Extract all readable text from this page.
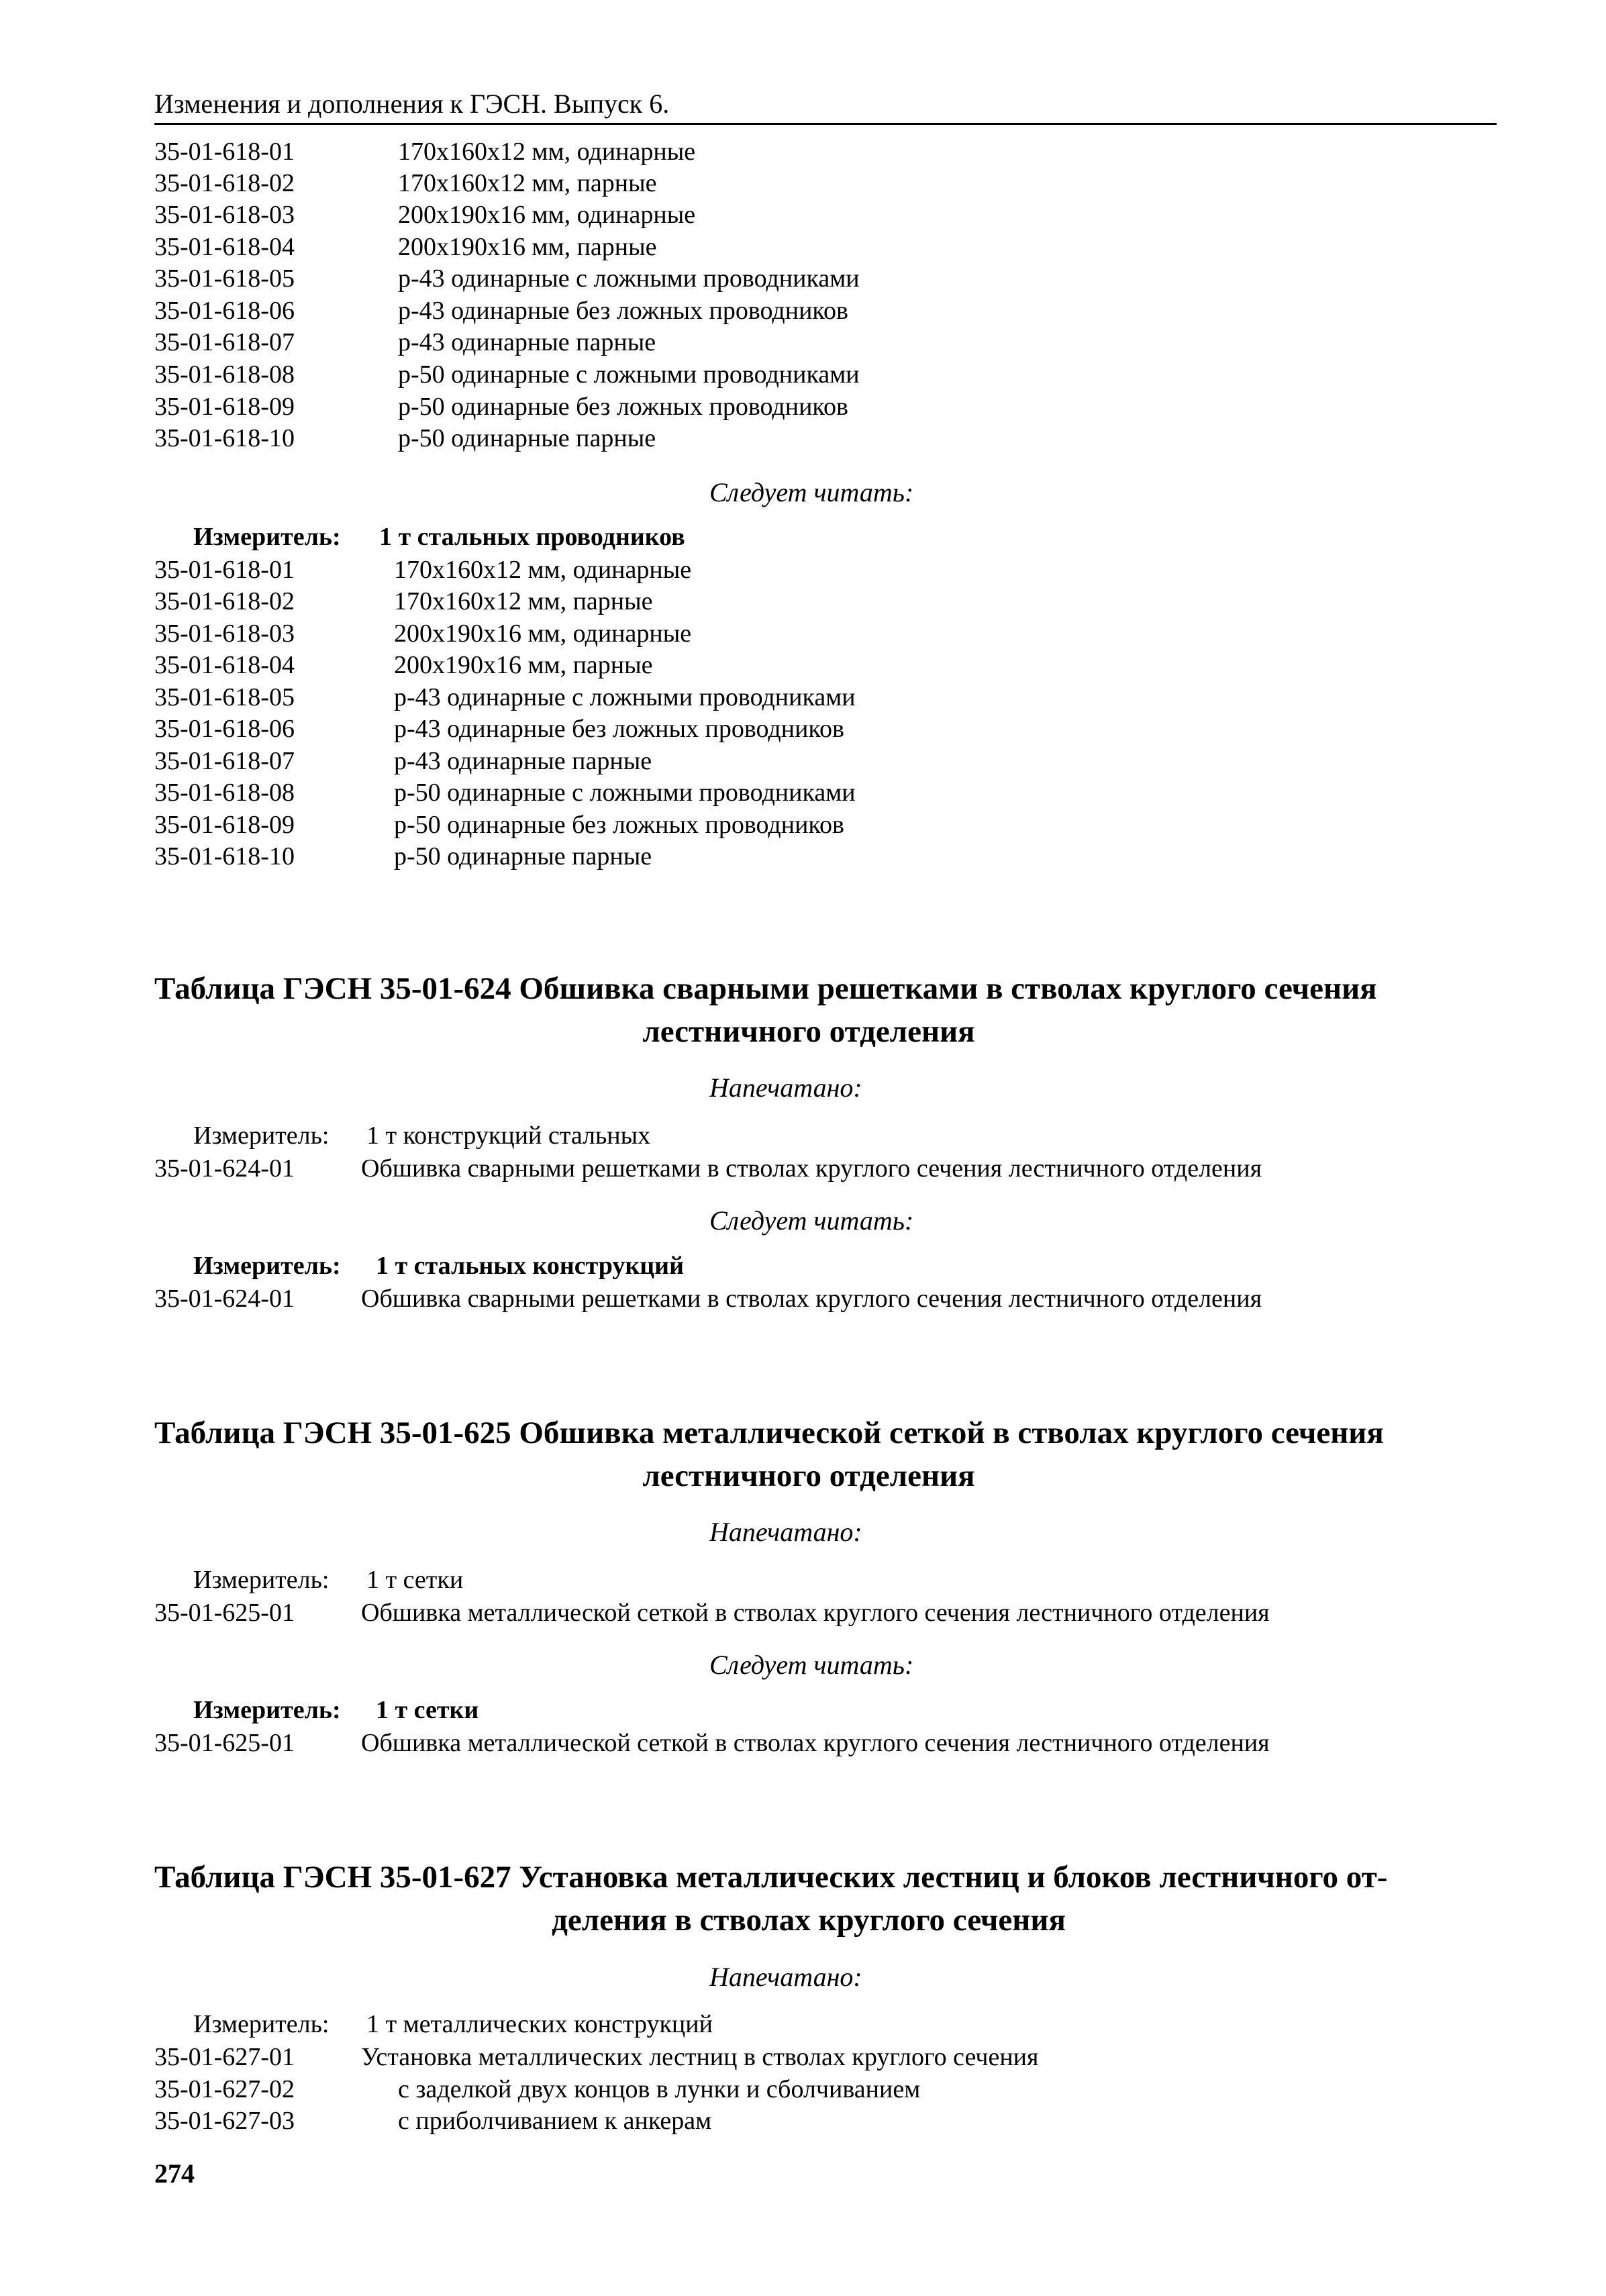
Изменения и дополнения к ГЭСН. Выпуск 6.
35-01-618-01	170x160x12 мм, одинарные
35-01-618-02	170x160x12 мм, парные
35-01-618-03	200x190x16 мм, одинарные
35-01-618-04	200x190x16 мм, парные
35-01-618-05	р-43 одинарные с ложными проводниками
35-01-618-06	р-43 одинарные без ложных проводников
35-01-618-07	р-43 одинарные парные
35-01-618-08	р-50 одинарные с ложными проводниками
35-01-618-09	р-50 одинарные без ложных проводников
35-01-618-10	р-50 одинарные парные
Следует читать:
Измеритель: 1 т стальных проводников
35-01-618-01	170x160x12 мм, одинарные
35-01-618-02	170x160x12 мм, парные
35-01-618-03	200x190x16 мм, одинарные
35-01-618-04	200x190x16 мм, парные
35-01-618-05	р-43 одинарные с ложными проводниками
35-01-618-06	р-43 одинарные без ложных проводников
35-01-618-07	р-43 одинарные парные
35-01-618-08	р-50 одинарные с ложными проводниками
35-01-618-09	р-50 одинарные без ложных проводников
35-01-618-10	р-50 одинарные парные
Таблица ГЭСН 35-01-624 Обшивка сварными решетками в стволах круглого сечения
лестничного отделения
Напечатано:
Измеритель: 1 т конструкций стальных
35-01-624-01	Обшивка сварными решетками в стволах круглого сечения лестничного отделения
Следует читать:
Измеритель: 1 т стальных конструкций
35-01-624-01	Обшивка сварными решетками в стволах круглого сечения лестничного отделения
Таблица ГЭСН 35-01-625 Обшивка металлической сеткой в стволах круглого сечения
лестничного отделения
Напечатано:
Измеритель: 1 т сетки
35-01-625-01	Обшивка металлической сеткой в стволах круглого сечения лестничного отделения
Следует читать:
Измеритель: 1 т сетки
35-01-625-01	Обшивка металлической сеткой в стволах круглого сечения лестничного отделения
Таблица ГЭСН 35-01-627 Установка металлических лестниц и блоков лестничного от-
деления в стволах круглого сечения
Напечатано:
Измеритель: 1 т металлических конструкций
35-01-627-01	Установка металлических лестниц в стволах круглого сечения
35-01-627-02	с заделкой двух концов в лунки и сболчиванием
35-01-627-03	с приболчиванием к анкерам
274
